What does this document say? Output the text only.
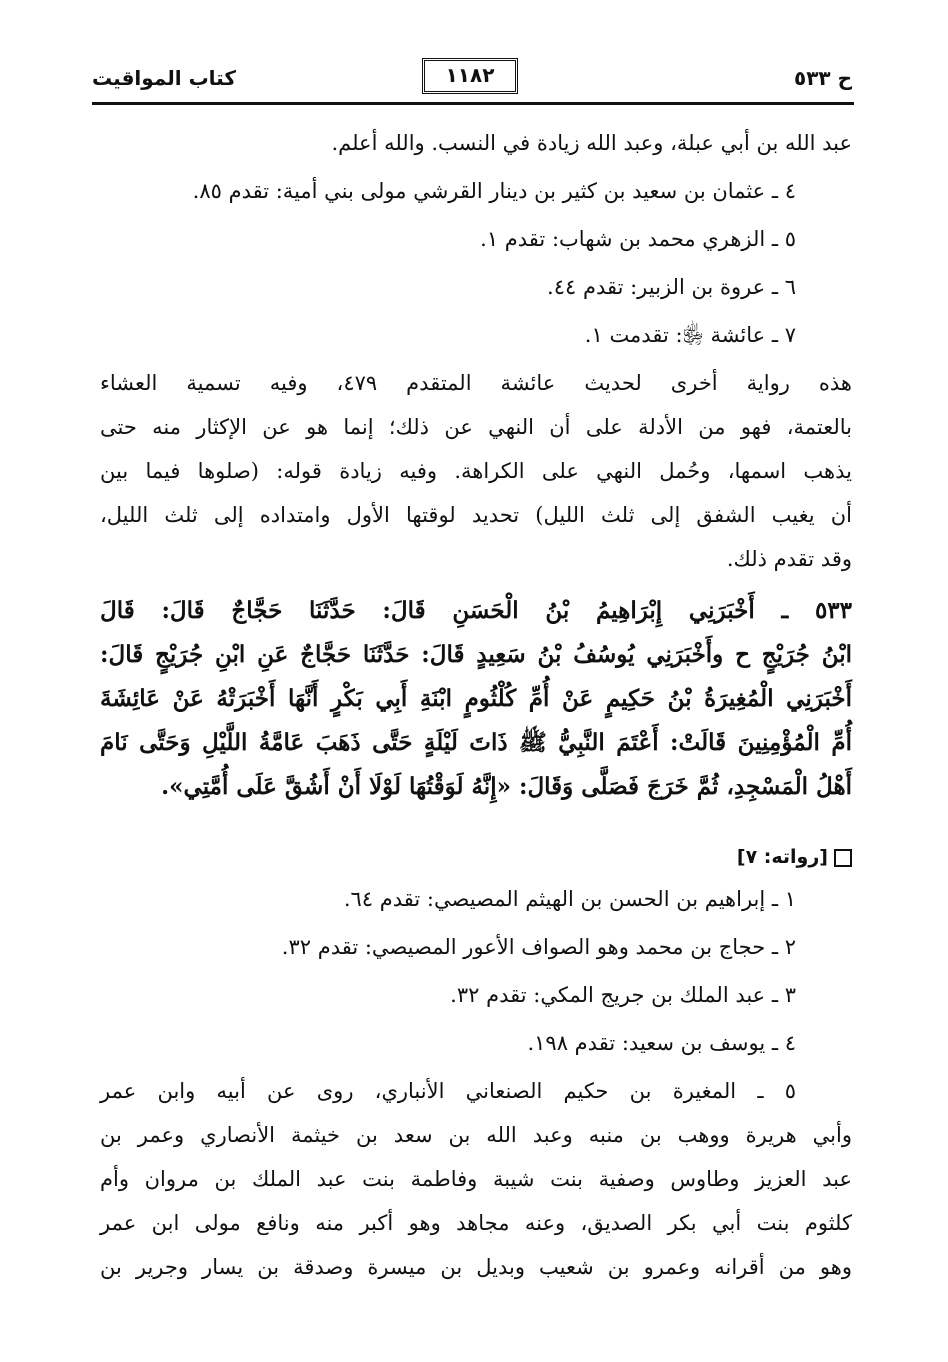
كتاب المواقيت	١١٨٢	ح ٥٣٣
عبد الله بن أبي عبلة، وعبد الله زيادة في النسب. والله أعلم.
٤ ـ عثمان بن سعيد بن كثير بن دينار القرشي مولى بني أمية: تقدم ٨٥.
٥ ـ الزهري محمد بن شهاب: تقدم ١.
٦ ـ عروة بن الزبير: تقدم ٤٤.
٧ ـ عائشة ﵂: تقدمت ١.
هذه رواية أخرى لحديث عائشة المتقدم ٤٧٩، وفيه تسمية العشاء
بالعتمة، فهو من الأدلة على أن النهي عن ذلك؛ إنما هو عن الإكثار منه حتى
يذهب اسمها، وحُمل النهي على الكراهة. وفيه زيادة قوله: (صلوها فيما بين
أن يغيب الشفق إلى ثلث الليل) تحديد لوقتها الأول وامتداده إلى ثلث الليل،
وقد تقدم ذلك.
٥٣٣ ـ أَخْبَرَنِي إِبْرَاهِيمُ بْنُ الْحَسَنِ قَالَ: حَدَّثَنَا حَجَّاجٌ قَالَ: قَالَ
ابْنُ جُرَيْجٍ ح وأَخْبَرَنِي يُوسُفُ بْنُ سَعِيدٍ قَالَ: حَدَّثَنَا حَجَّاجٌ عَنِ ابْنِ جُرَيْجٍ قَالَ:
أَخْبَرَنِي الْمُغِيرَةُ بْنُ حَكِيمٍ عَنْ أُمِّ كُلْثُومٍ ابْنَةِ أَبِي بَكْرٍ أَنَّهَا أَخْبَرَتْهُ عَنْ عَائِشَةَ
أُمِّ الْمُؤْمِنِينَ قَالَتْ: أَعْتَمَ النَّبِيُّ ﷺ ذَاتَ لَيْلَةٍ حَتَّى ذَهَبَ عَامَّةُ اللَّيْلِ وَحَتَّى نَامَ
أَهْلُ الْمَسْجِدِ، ثُمَّ خَرَجَ فَصَلَّى وَقَالَ: «إِنَّهُ لَوَقْتُهَا لَوْلَا أَنْ أَشُقَّ عَلَى أُمَّتِي».
[رواته: ٧]
١ ـ إبراهيم بن الحسن بن الهيثم المصيصي: تقدم ٦٤.
٢ ـ حجاج بن محمد وهو الصواف الأعور المصيصي: تقدم ٣٢.
٣ ـ عبد الملك بن جريج المكي: تقدم ٣٢.
٤ ـ يوسف بن سعيد: تقدم ١٩٨.
٥ ـ المغيرة بن حكيم الصنعاني الأنباري، روى عن أبيه وابن عمر
وأبي هريرة ووهب بن منبه وعبد الله بن سعد بن خيثمة الأنصاري وعمر بن
عبد العزيز وطاوس وصفية بنت شيبة وفاطمة بنت عبد الملك بن مروان وأم
كلثوم بنت أبي بكر الصديق، وعنه مجاهد وهو أكبر منه ونافع مولى ابن عمر
وهو من أقرانه وعمرو بن شعيب وبديل بن ميسرة وصدقة بن يسار وجرير بن
